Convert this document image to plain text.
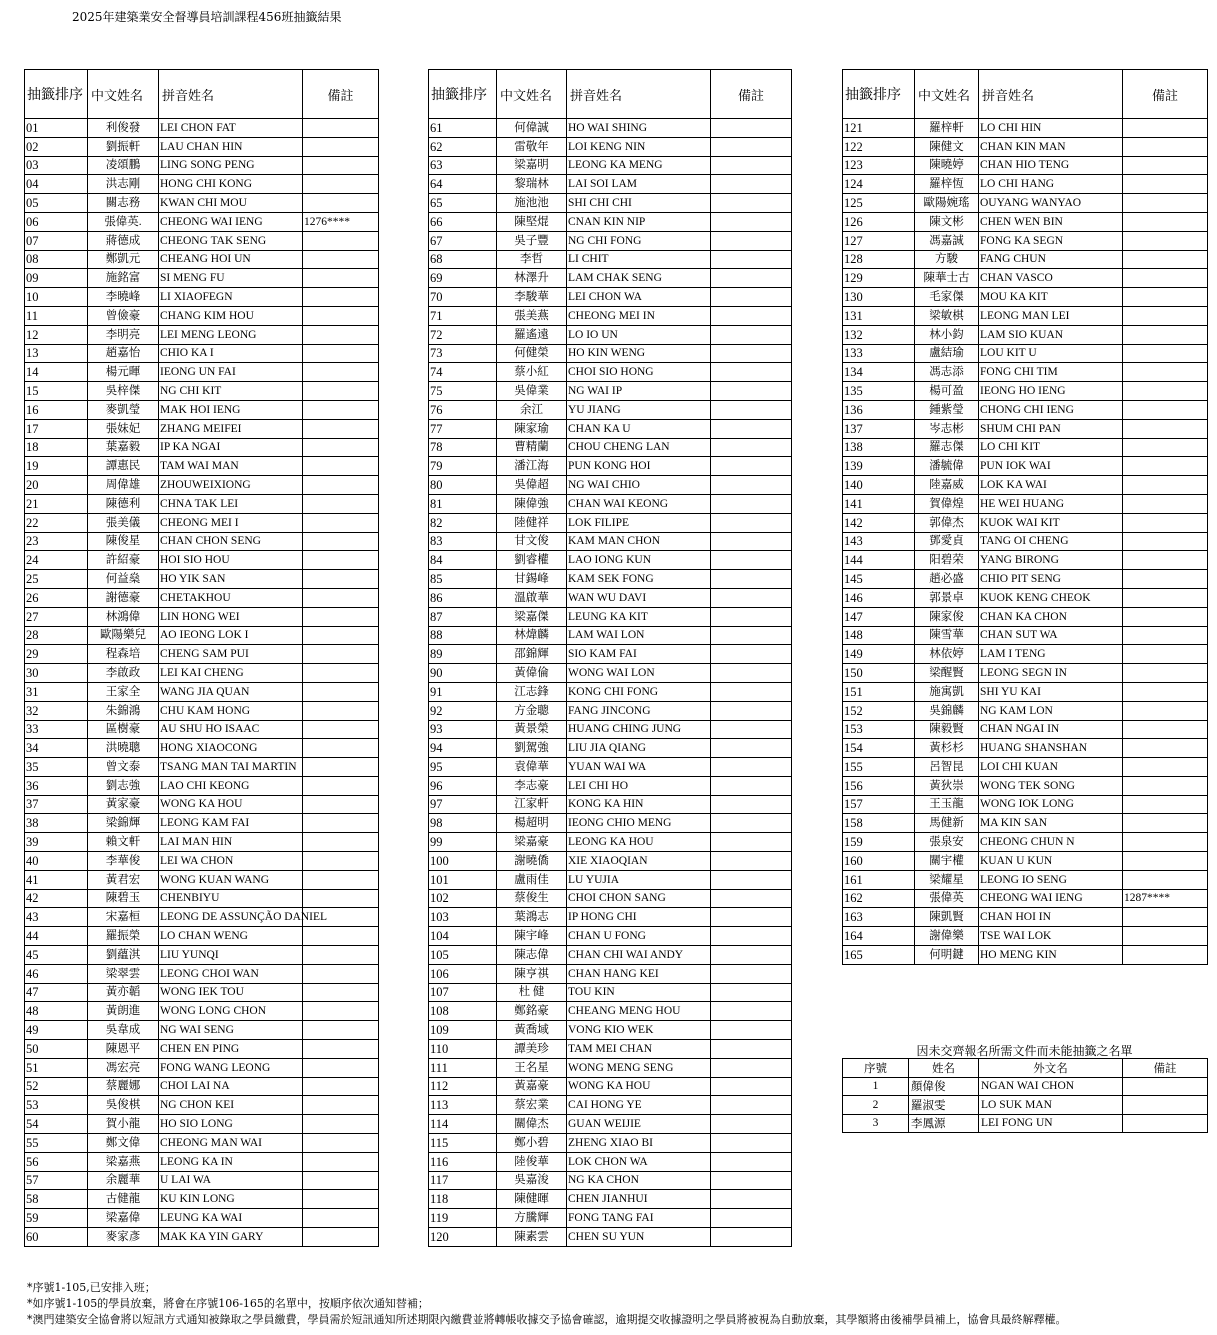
2025年建築業安全督導員培訓課程456班抽籤結果
抽籤排序	中文姓名	拼音姓名	備註
01	利俊發	LEI CHON FAT	
02	劉振軒	LAU CHAN HIN	
03	凌頌鵬	LING SONG PENG	
04	洪志剛	HONG CHI KONG	
05	關志務	KWAN CHI MOU	
06	張偉英.	CHEONG WAI IENG	1276****
07	蔣德成	CHEONG TAK SENG	
08	鄭凱元	CHEANG HOI UN	
09	施銘富	SI MENG FU	
10	李曉峰	LI XIAOFEGN	
11	曾儉豪	CHANG KIM HOU	
12	李明亮	LEI MENG LEONG	
13	趙嘉怡	CHIO KA I	
14	楊元暉	IEONG UN FAI	
15	吳梓傑	NG CHI KIT	
16	麥凱瑩	MAK HOI IENG	
17	張妹妃	ZHANG MEIFEI	
18	葉嘉毅	IP KA NGAI	
19	譚惠民	TAM WAI MAN	
20	周偉雄	ZHOUWEIXIONG	
21	陳德利	CHNA TAK LEI	
22	張美儀	CHEONG MEI I	
23	陳俊星	CHAN CHON SENG	
24	許紹豪	HOI SIO HOU	
25	何益燊	HO YIK SAN	
26	謝德豪	CHETAKHOU	
27	林鴻偉	LIN HONG WEI	
28	歐陽樂兒	AO IEONG LOK I	
29	程森培	CHENG SAM PUI	
30	李啟政	LEI KAI CHENG	
31	王家全	WANG JIA QUAN	
32	朱錦鴻	CHU KAM HONG	
33	區樹豪	AU SHU HO ISAAC	
34	洪曉聰	HONG XIAOCONG	
35	曾文泰	TSANG MAN TAI MARTIN	
36	劉志強	LAO CHI KEONG	
37	黃家豪	WONG KA HOU	
38	梁錦輝	LEONG KAM FAI	
39	賴文軒	LAI MAN HIN	
40	李華俊	LEI WA CHON	
41	黃君宏	WONG KUAN WANG	
42	陳碧玉	CHENBIYU	
43	宋嘉桓	LEONG DE ASSUNÇÃO DANIEL	
44	羅振榮	LO CHAN WENG	
45	劉蘊淇	LIU YUNQI	
46	梁翠雲	LEONG CHOI WAN	
47	黃亦韜	WONG IEK TOU	
48	黃朗進	WONG LONG CHON	
49	吳韋成	NG WAI SENG	
50	陳恩平	CHEN EN PING	
51	馮宏亮	FONG WANG LEONG	
52	蔡麗娜	CHOI LAI NA	
53	吳俊棋	NG CHON KEI	
54	賀小龍	HO SIO LONG	
55	鄭文偉	CHEONG MAN WAI	
56	梁嘉燕	LEONG KA IN	
57	余麗華	U LAI WA	
58	古健龍	KU KIN LONG	
59	梁嘉偉	LEUNG KA WAI	
60	麥家彥	MAK KA YIN GARY	
抽籤排序	中文姓名	拼音姓名	備註
61	何偉誠	HO WAI SHING	
62	雷敬年	LOI KENG NIN	
63	梁嘉明	LEONG KA MENG	
64	黎瑞林	LAI SOI LAM	
65	施池池	SHI CHI CHI	
66	陳堅焜	CNAN KIN NIP	
67	吳子豐	NG CHI FONG	
68	李哲	LI CHIT	
69	林澤升	LAM CHAK SENG	
70	李駿華	LEI CHON WA	
71	張美燕	CHEONG MEI IN	
72	羅遙遠	LO IO UN	
73	何健榮	HO KIN WENG	
74	蔡小紅	CHOI SIO HONG	
75	吳偉業	NG WAI IP	
76	余江	YU JIANG	
77	陳家瑜	CHAN KA U	
78	曹精蘭	CHOU CHENG LAN	
79	潘江海	PUN KONG HOI	
80	吳偉超	NG WAI CHIO	
81	陳偉強	CHAN WAI KEONG	
82	陸健祥	LOK FILIPE	
83	甘文俊	KAM MAN CHON	
84	劉睿權	LAO IONG KUN	
85	甘錫峰	KAM SEK FONG	
86	溫啟華	WAN WU DAVI	
87	梁嘉傑	LEUNG KA KIT	
88	林煒麟	LAM WAI LON	
89	邵錦輝	SIO KAM FAI	
90	黃偉倫	WONG WAI LON	
91	江志鋒	KONG CHI FONG	
92	方金聰	FANG JINCONG	
93	黃景榮	HUANG CHING JUNG	
94	劉駕強	LIU JIA QIANG	
95	袁偉華	YUAN WAI WA	
96	李志豪	LEI CHI HO	
97	江家軒	KONG KA HIN	
98	楊超明	IEONG CHIO MENG	
99	梁嘉豪	LEONG KA HOU	
100	謝曉僑	XIE XIAOQIAN	
101	盧雨佳	LU YUJIA	
102	蔡俊生	CHOI CHON SANG	
103	葉鴻志	IP HONG CHI	
104	陳宇峰	CHAN U FONG	
105	陳志偉	CHAN CHI WAI ANDY	
106	陳亨祺	CHAN HANG KEI	
107	杜 健	TOU KIN	
108	鄭銘豪	CHEANG MENG HOU	
109	黃喬域	VONG KIO WEK	
110	譚美珍	TAM MEI CHAN	
111	王名星	WONG MENG SENG	
112	黃嘉豪	WONG KA HOU	
113	蔡宏業	CAI HONG YE	
114	關偉杰	GUAN WEIJIE	
115	鄭小碧	ZHENG XIAO BI	
116	陸俊華	LOK CHON WA	
117	吳嘉浚	NG KA CHON	
118	陳健暉	CHEN JIANHUI	
119	方騰輝	FONG TANG FAI	
120	陳素雲	CHEN SU YUN	
抽籤排序	中文姓名	拼音姓名	備註
121	羅梓軒	LO CHI HIN	
122	陳健文	CHAN KIN MAN	
123	陳曉婷	CHAN HIO TENG	
124	羅梓恆	LO CHI HANG	
125	歐陽婉瑤	OUYANG WANYAO	
126	陳文彬	CHEN WEN BIN	
127	馮嘉誠	FONG KA SEGN	
128	方駿	FANG CHUN	
129	陳華士古	CHAN VASCO	
130	毛家傑	MOU KA KIT	
131	梁敏棋	LEONG MAN LEI	
132	林小鈞	LAM SIO KUAN	
133	盧結瑜	LOU KIT U	
134	馮志添	FONG CHI TIM	
135	楊可盈	IEONG HO IENG	
136	鍾紫瑩	CHONG CHI IENG	
137	岑志彬	SHUM CHI PAN	
138	羅志傑	LO CHI KIT	
139	潘毓偉	PUN IOK WAI	
140	陸嘉威	LOK KA WAI	
141	賀偉煌	HE WEI HUANG	
142	郭偉杰	KUOK WAI KIT	
143	鄧愛貞	TANG OI CHENG	
144	阳碧荣	YANG BIRONG	
145	趙必盛	CHIO PIT SENG	
146	郭景卓	KUOK KENG CHEOK	
147	陳家俊	CHAN KA CHON	
148	陳雪華	CHAN SUT WA	
149	林依婷	LAM I TENG	
150	梁醒賢	LEONG SEGN IN	
151	施寓凱	SHI YU KAI	
152	吳錦麟	NG KAM LON	
153	陳毅賢	CHAN NGAI IN	
154	黃杉杉	HUANG SHANSHAN	
155	呂智昆	LOI CHI KUAN	
156	黃狄崇	WONG TEK SONG	
157	王玉龍	WONG IOK LONG	
158	馬健新	MA KIN SAN	
159	張泉安	CHEONG CHUN N	
160	關宇權	KUAN U KUN	
161	梁耀星	LEONG IO SENG	
162	張偉英	CHEONG WAI IENG	1287****
163	陳凱賢	CHAN HOI IN	
164	謝偉樂	TSE WAI LOK	
165	何明鍵	HO MENG KIN	
因未交齊報名所需文件而未能抽籤之名單
序號	姓名	外文名	備註
1	顏偉俊	NGAN WAI CHON	
2	羅淑雯	LO SUK MAN	
3	李鳳源	LEI FONG UN	
*序號1-105,已安排入班；
*如序號1-105的學員放棄，將會在序號106-165的名單中，按順序依次通知替補；
*澳門建築安全協會將以短訊方式通知被錄取之學員繳費，學員需於短訊通知所述期限內繳費並將轉帳收據交予協會確認，逾期提交收據證明之學員將被視為自動放棄，其學額將由後補學員補上，協會具最終解釋權。
